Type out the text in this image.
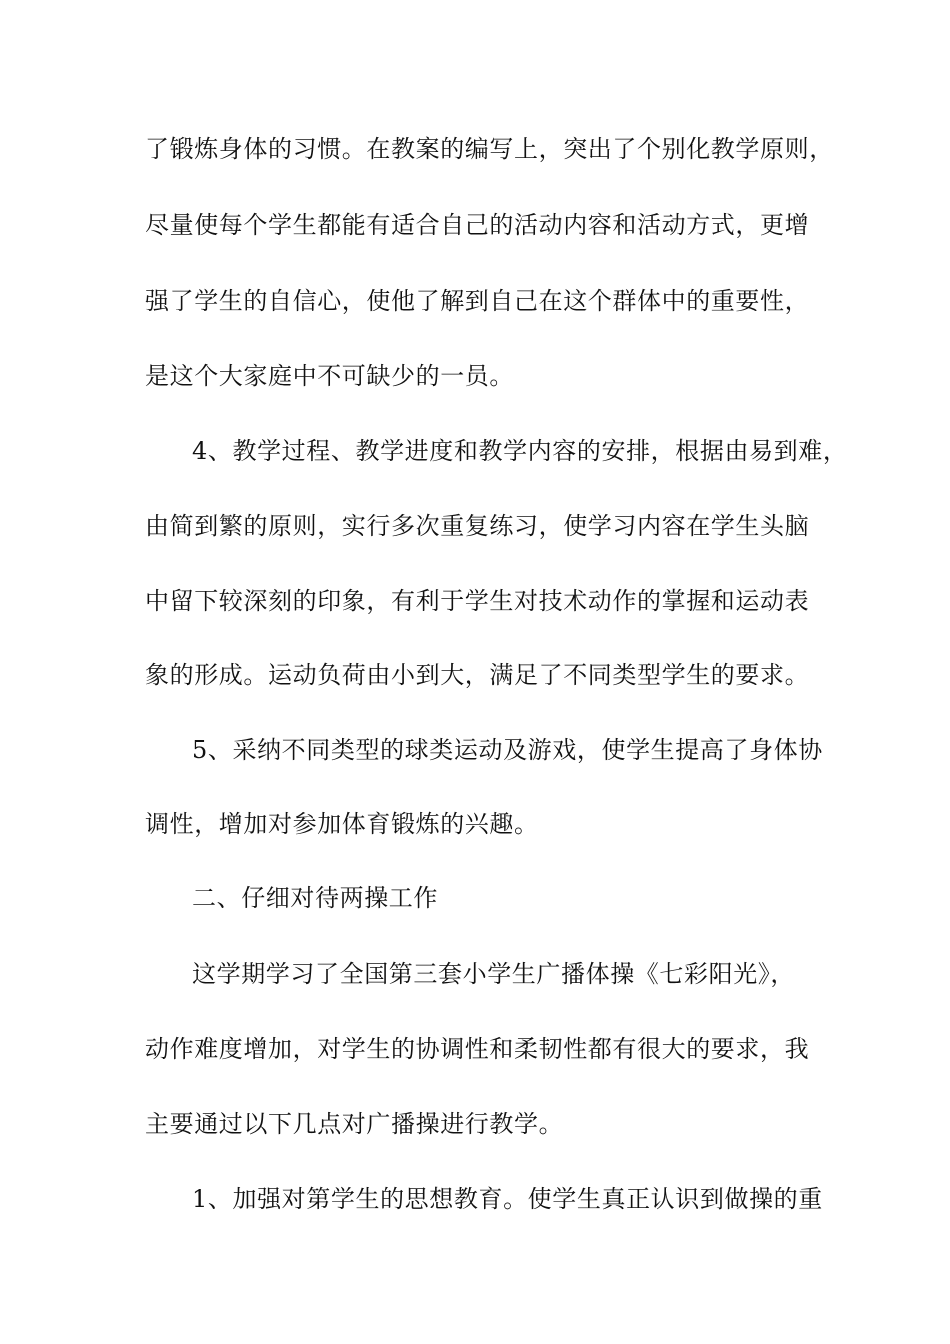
了锻炼身体的习惯。在教案的编写上，突出了个别化教学原则，
尽量使每个学生都能有适合自己的活动内容和活动方式，更增
强了学生的自信心，使他了解到自己在这个群体中的重要性，
是这个大家庭中不可缺少的一员。
4、教学过程、教学进度和教学内容的安排，根据由易到难，
由简到繁的原则，实行多次重复练习，使学习内容在学生头脑
中留下较深刻的印象，有利于学生对技术动作的掌握和运动表
象的形成。运动负荷由小到大，满足了不同类型学生的要求。
5、采纳不同类型的球类运动及游戏，使学生提高了身体协
调性，增加对参加体育锻炼的兴趣。
二、仔细对待两操工作
这学期学习了全国第三套小学生广播体操《七彩阳光》，
动作难度增加，对学生的协调性和柔韧性都有很大的要求，我
主要通过以下几点对广播操进行教学。
1、加强对第学生的思想教育。使学生真正认识到做操的重
